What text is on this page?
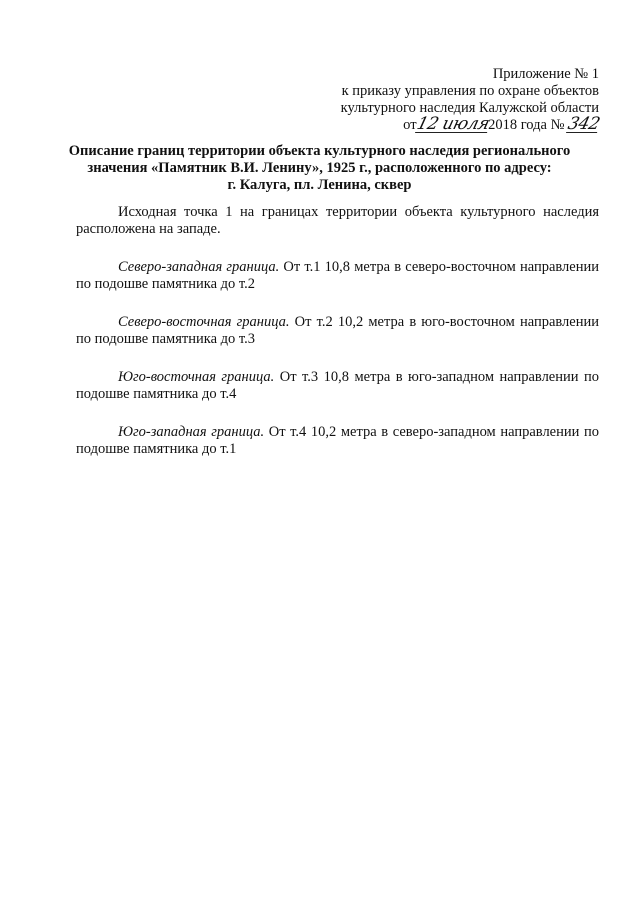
Приложение № 1
к приказу управления по охране объектов
культурного наследия Калужской области
от12 июля2018 года № 342
Описание границ территории объекта культурного наследия регионального
значения «Памятник В.И. Ленину», 1925 г., расположенного по адресу:
г. Калуга, пл. Ленина, сквер

Исходная точка 1 на границах территории объекта культурного наследия расположена на западе.

Северо-западная граница. От т.1 10,8 метра в северо-восточном направлении по подошве памятника до т.2

Северо-восточная граница. От т.2 10,2 метра в юго-восточном направлении по подошве памятника до т.3

Юго-восточная граница. От т.3 10,8 метра в юго-западном направлении по подошве памятника до т.4

Юго-западная граница. От т.4 10,2 метра в северо-западном направлении по подошве памятника до т.1
